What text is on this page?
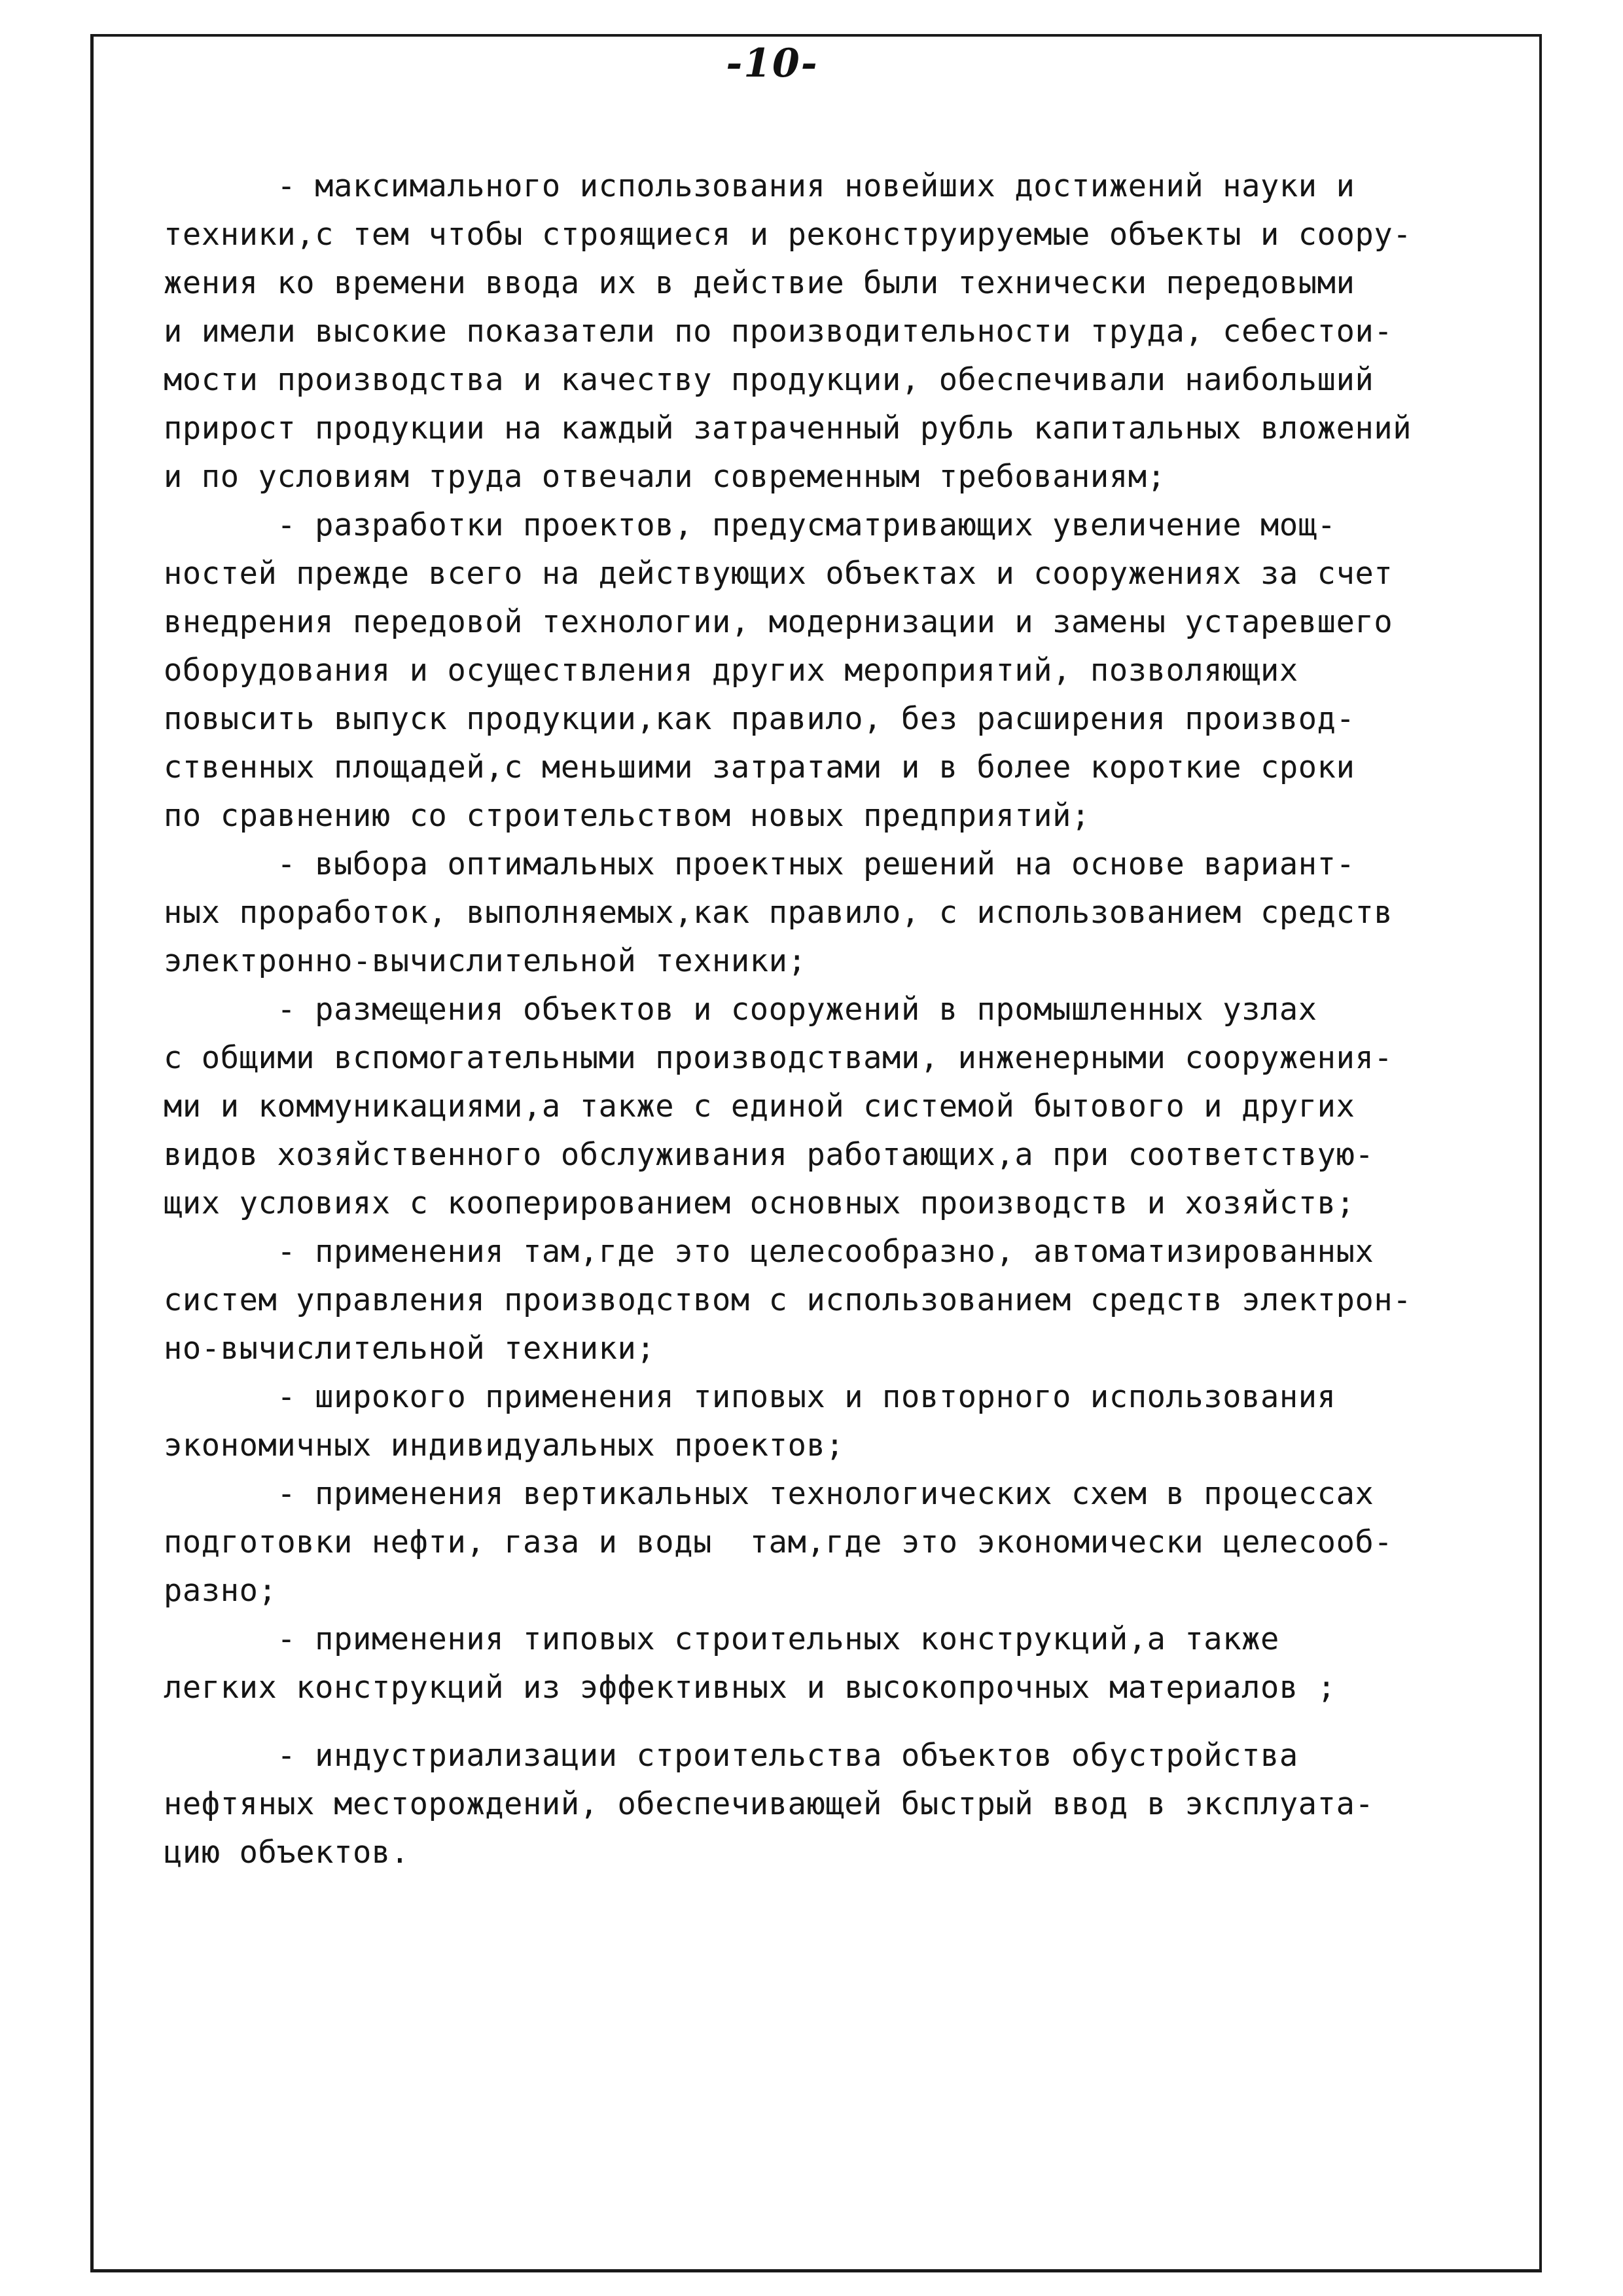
-10-
- максимального использования новейших достижений науки и
техники,с тем чтобы строящиеся и реконструируемые объекты и соору-
жения ко времени ввода их в действие были технически передовыми
и имели высокие показатели по производительности труда, себестои-
мости производства и качеству продукции, обеспечивали наибольший
прирост продукции на каждый затраченный рубль капитальных вложений
и по условиям труда отвечали современным требованиям;
- разработки проектов, предусматривающих увеличение мощ-
ностей прежде всего на действующих объектах и сооружениях за счет
внедрения передовой технологии, модернизации и замены устаревшего
оборудования и осуществления других мероприятий, позволяющих
повысить выпуск продукции,как правило, без расширения производ-
ственных площадей,с меньшими затратами и в более короткие сроки
по сравнению со строительством новых предприятий;
- выбора оптимальных проектных решений на основе вариант-
ных проработок, выполняемых,как правило, с использованием средств
электронно-вычислительной техники;
- размещения объектов и сооружений в промышленных узлах
с общими вспомогательными производствами, инженерными сооружения-
ми и коммуникациями,а также с единой системой бытового и других
видов хозяйственного обслуживания работающих,а при соответствую-
щих условиях с кооперированием основных производств и хозяйств;
- применения там,где это целесообразно, автоматизированных
систем управления производством с использованием средств электрон-
но-вычислительной техники;
- широкого применения типовых и повторного использования
экономичных индивидуальных проектов;
- применения вертикальных технологических схем в процессах
подготовки нефти, газа и воды  там,где это экономически целесооб-
разно;
- применения типовых строительных конструкций,а также
легких конструкций из эффективных и высокопрочных материалов ;
- индустриализации строительства объектов обустройства
нефтяных месторождений, обеспечивающей быстрый ввод в эксплуата-
цию объектов.
